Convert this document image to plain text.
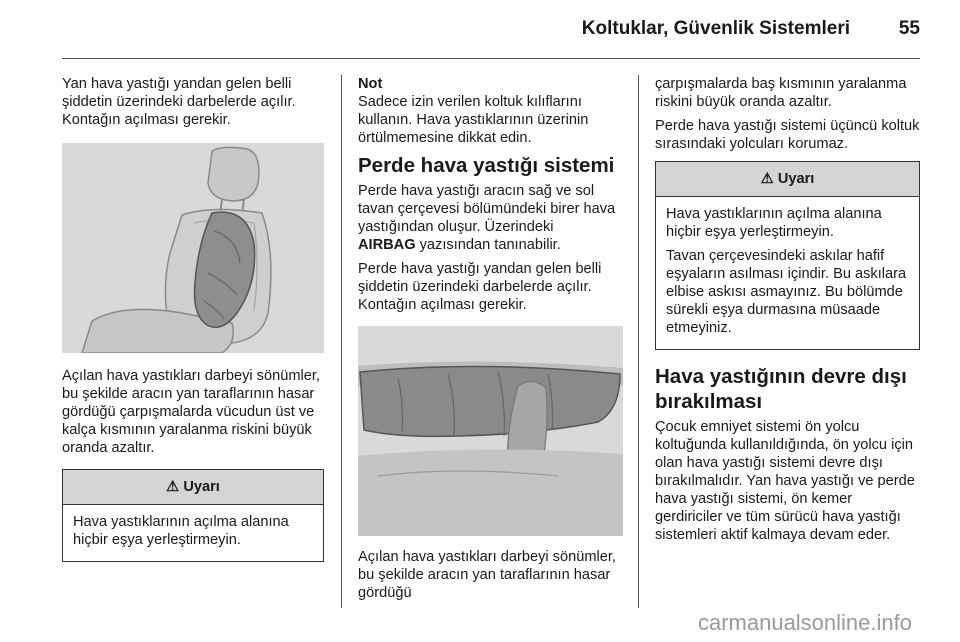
Koltuklar, Güvenlik Sistemleri	55

Yan hava yastığı yandan gelen belli şiddetin üzerindeki darbelerde açılır. Kontağın açılması gerekir.

Açılan hava yastıkları darbeyi sönümler, bu şekilde aracın yan taraflarının hasar gördüğü çarpışmalarda vücudun üst ve kalça kısmının yaralanma riskini büyük oranda azaltır.

⚠ Uyarı

Hava yastıklarının açılma alanına hiçbir eşya yerleştirmeyin.

Not

Sadece izin verilen koltuk kılıflarını kullanın. Hava yastıklarının üzerinin örtülmemesine dikkat edin.

Perde hava yastığı sistemi

Perde hava yastığı aracın sağ ve sol tavan çerçevesi bölümündeki birer hava yastığından oluşur. Üzerindeki
AIRBAG yazısından tanınabilir.

Perde hava yastığı yandan gelen belli şiddetin üzerindeki darbelerde açılır. Kontağın açılması gerekir.

Açılan hava yastıkları darbeyi sönümler, bu şekilde aracın yan taraflarının hasar gördüğü

çarpışmalarda baş kısmının yaralanma riskini büyük oranda azaltır.

Perde hava yastığı sistemi üçüncü koltuk sırasındaki yolcuları korumaz.

⚠ Uyarı

Hava yastıklarının açılma alanına hiçbir eşya yerleştirmeyin.

Tavan çerçevesindeki askılar hafif eşyaların asılması içindir. Bu askılara elbise askısı asmayınız. Bu bölümde sürekli eşya durmasına müsaade etmeyiniz.

Hava yastığının devre dışı bırakılması

Çocuk emniyet sistemi ön yolcu koltuğunda kullanıldığında, ön yolcu için olan hava yastığı sistemi devre dışı bırakılmalıdır. Yan hava yastığı ve perde hava yastığı sistemi, ön kemer gerdiriciler ve tüm sürücü hava yastığı sistemleri aktif kalmaya devam eder.

carmanualsonline.info
